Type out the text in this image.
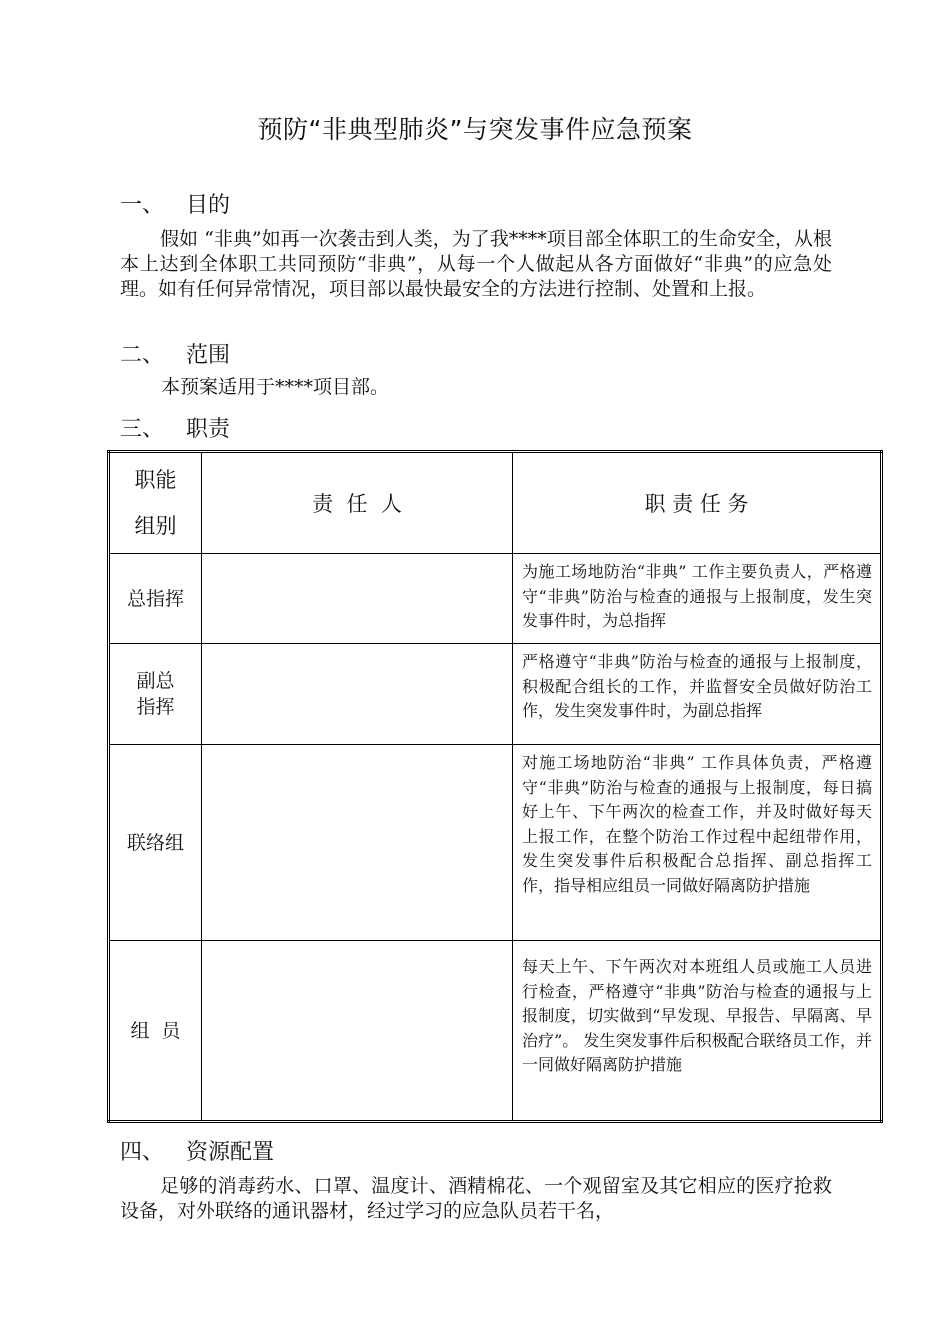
预防“非典型肺炎”与突发事件应急预案
一、 目的
假如 “非典”如再一次袭击到人类，为了我****项目部全体职工的生命安全，从根本上达到全体职工共同预防“非典”，从每一个人做起从各方面做好“非典”的应急处理。如有任何异常情况，项目部以最快最安全的方法进行控制、处置和上报。
二、 范围
本预案适用于****项目部。
三、 职责
职能
组别	责  任  人	职 责 任 务
总指挥		为施工场地防治“非典” 工作主要负责人，严格遵守“非典”防治与检查的通报与上报制度，发生突发事件时，为总指挥

副总
指挥		严格遵守“非典”防治与检查的通报与上报制度，积极配合组长的工作，并监督安全员做好防治工作，发生突发事件时，为副总指挥

联络组		对施工场地防治“非典” 工作具体负责，严格遵守“非典”防治与检查的通报与上报制度，每日搞好上午、下午两次的检查工作，并及时做好每天上报工作，在整个防治工作过程中起纽带作用，发生突发事件后积极配合总指挥、副总指挥工作，指导相应组员一同做好隔离防护措施

组  员		每天上午、下午两次对本班组人员或施工人员进行检查，严格遵守“非典”防治与检查的通报与上报制度，切实做到“早发现、早报告、早隔离、早治疗”。 发生突发事件后积极配合联络员工作，并一同做好隔离防护措施
四、 资源配置
足够的消毒药水、口罩、温度计、酒精棉花、一个观留室及其它相应的医疗抢救设备，对外联络的通讯器材，经过学习的应急队员若干名，
